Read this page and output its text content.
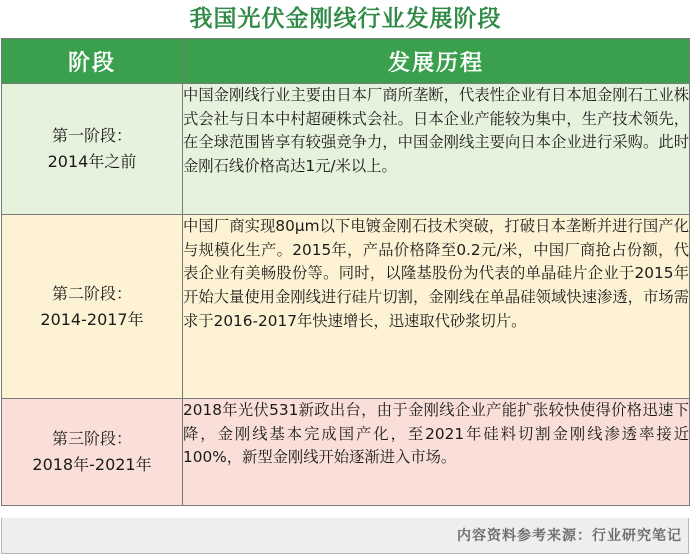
我国光伏金刚线行业发展阶段
阶段	发展历程

第一阶段：
2014年之前	中国金刚线行业主要由日本厂商所垄断，代表性企业有日本旭金刚石工业株式会社与日本中村超硬株式会社。日本企业产能较为集中，生产技术领先，在全球范围皆享有较强竞争力，中国金刚线主要向日本企业进行采购。此时金刚石线价格高达1元/米以上。

第二阶段：
2014-2017年	中国厂商实现80μm以下电镀金刚石技术突破，打破日本垄断并进行国产化与规模化生产。2015年，产品价格降至0.2元/米，中国厂商抢占份额，代表企业有美畅股份等。同时，以隆基股份为代表的单晶硅片企业于2015年开始大量使用金刚线进行硅片切割，金刚线在单晶硅领域快速渗透，市场需求于2016-2017年快速增长，迅速取代砂浆切片。

第三阶段：
2018年-2021年	2018年光伏531新政出台，由于金刚线企业产能扩张较快使得价格迅速下降，金刚线基本完成国产化，至2021年硅料切割金刚线渗透率接近100%，新型金刚线开始逐渐进入市场。
内容资料参考来源：行业研究笔记
